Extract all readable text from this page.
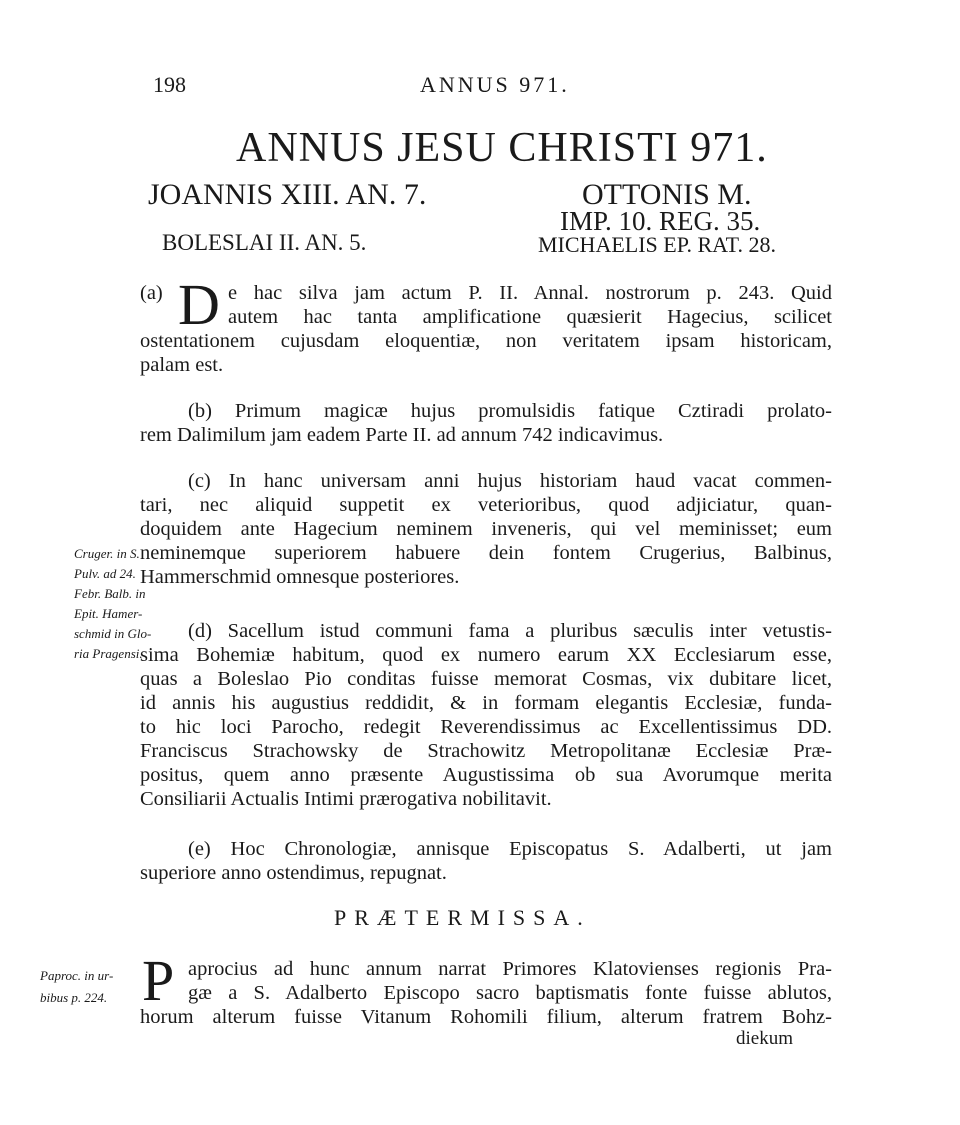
198	ANNUS 971.
ANNUS JESU CHRISTI 971.
JOANNIS XIII. AN. 7.
BOLESLAI II. AN. 5.
OTTONIS M.
IMP. 10. REG. 35.
MICHAELIS EP. RAT. 28.
(a) D e hac silva jam actum P. II. Annal. nostrorum p. 243. Quid
autem hac tanta amplificatione quæsierit Hagecius, scilicet
ostentationem cujusdam eloquentiæ, non veritatem ipsam historicam,
palam est.
(b) Primum magicæ hujus promulsidis fatique Cztiradi prolato-
rem Dalimilum jam eadem Parte II. ad annum 742 indicavimus.
(c) In hanc universam anni hujus historiam haud vacat commen-
tari, nec aliquid suppetit ex veterioribus, quod adjiciatur, quan-
doquidem ante Hagecium neminem inveneris, qui vel meminisset; eum
neminemque superiorem habuere dein fontem Crugerius, Balbinus,
Hammerschmid omnesque posteriores.
Cruger. in S.
Pulv. ad 24.
Febr. Balb. in
Epit. Hamer-
schmid in Glo-
ria Pragensi.
(d) Sacellum istud communi fama a pluribus sæculis inter vetustis-
sima Bohemiæ habitum, quod ex numero earum XX Ecclesiarum esse,
quas a Boleslao Pio conditas fuisse memorat Cosmas, vix dubitare licet,
id annis his augustius reddidit, & in formam elegantis Ecclesiæ, funda-
to hic loci Parocho, redegit Reverendissimus ac Excellentissimus DD.
Franciscus Strachowsky de Strachowitz Metropolitanæ Ecclesiæ Præ-
positus, quem anno præsente Augustissima ob sua Avorumque merita
Consiliarii Actualis Intimi prærogativa nobilitavit.
(e) Hoc Chronologiæ, annisque Episcopatus S. Adalberti, ut jam
superiore anno ostendimus, repugnat.
PRÆTERMISSA.
Paproc. in ur-
bibus p. 224. P aprocius ad hunc annum narrat Primores Klatovienses regionis Pra-
gæ a S. Adalberto Episcopo sacro baptismatis fonte fuisse ablutos,
horum alterum fuisse Vitanum Rohomili filium, alterum fratrem Bohz-
diekum
